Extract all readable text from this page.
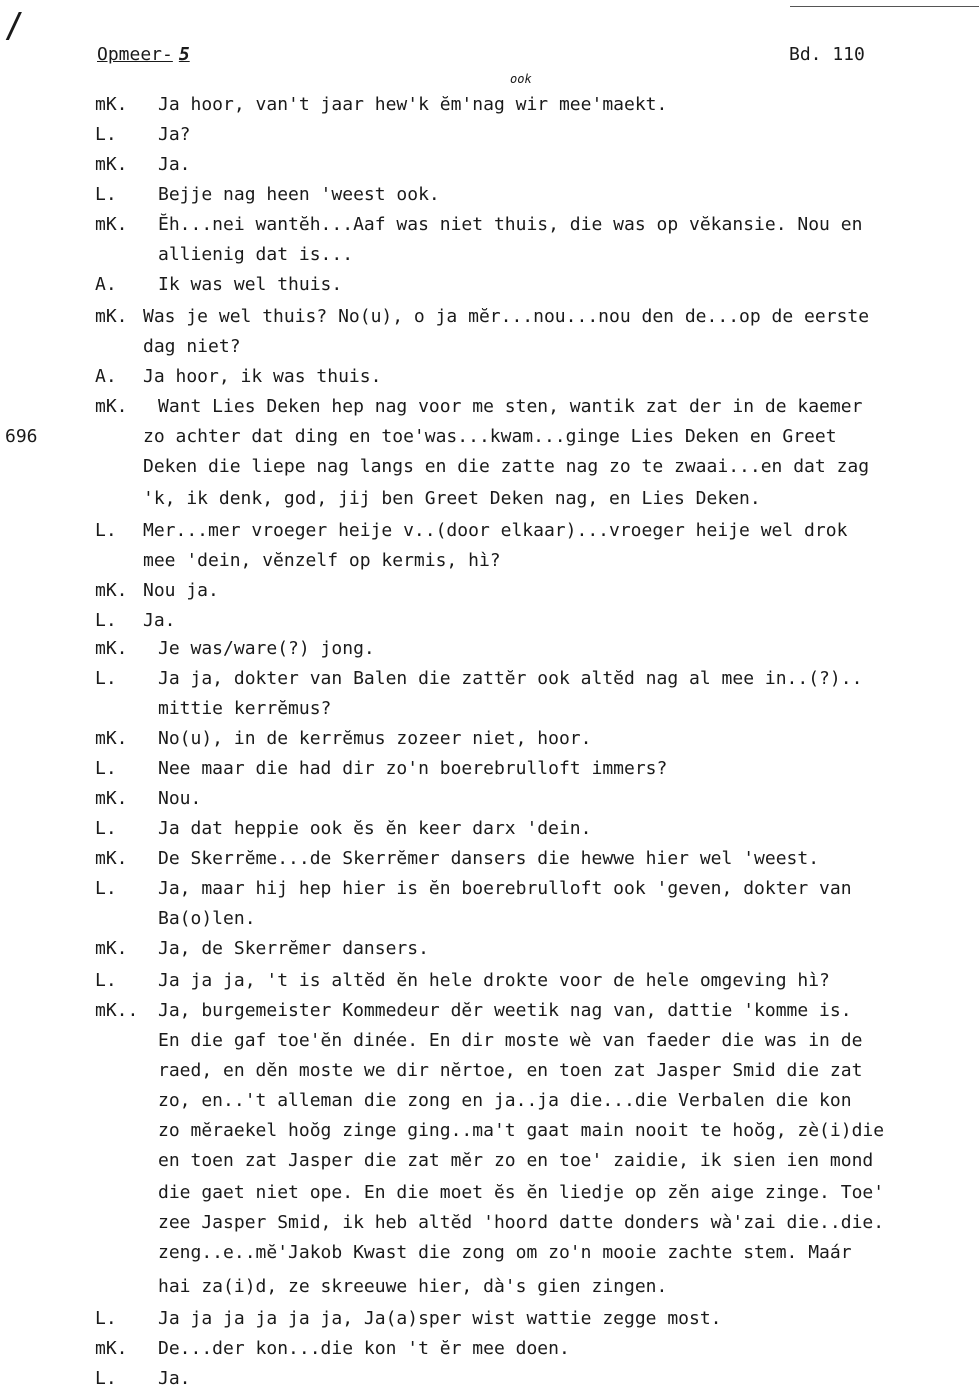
/
Opmeer- 5	Bd. 110
ook
696
mK. Ja hoor, van't jaar hew'k ĕm'nag wir mee'maekt.
L. Ja?
mK. Ja.
L. Bejje nag heen 'weest ook.
mK. Ĕh...nei wantĕh...Aaf was niet thuis, die was op vĕkansie. Nou en
allienig dat is...
A. Ik was wel thuis.
mK. Was je wel thuis? No(u), o ja mĕr...nou...nou den de...op de eerste
dag niet?
A. Ja hoor, ik was thuis.
mK. Want Lies Deken hep nag voor me sten, wantik zat der in de kaemer
zo achter dat ding en toe'was...kwam...ginge Lies Deken en Greet
Deken die liepe nag langs en die zatte nag zo te zwaai...en dat zag
'k, ik denk, god, jij ben Greet Deken nag, en Lies Deken.
L. Mer...mer vroeger heije v..(door elkaar)...vroeger heije wel drok
mee 'dein, vĕnzelf op kermis, hì?
mK. Nou ja.
L. Ja.
mK. Je was/ware(?) jong.
L. Ja ja, dokter van Balen die zattĕr ook altĕd nag al mee in..(?)..
mittie kerrĕmus?
mK. No(u), in de kerrĕmus zozeer niet, hoor.
L. Nee maar die had dir zo'n boerebrulloft immers?
mK. Nou.
L. Ja dat heppie ook ĕs ĕn keer darx 'dein.
mK. De Skerrĕme...de Skerrĕmer dansers die hewwe hier wel 'weest.
L. Ja, maar hij hep hier is ĕn boerebrulloft ook 'geven, dokter van
Ba(o)len.
mK. Ja, de Skerrĕmer dansers.
L. Ja ja ja, 't is altĕd ĕn hele drokte voor de hele omgeving hì?
mK.. Ja, burgemeister Kommedeur dĕr weetik nag van, dattie 'komme is.
En die gaf toe'ĕn dinée. En dir moste wè van faeder die was in de
raed, en dĕn moste we dir nĕrtoe, en toen zat Jasper Smid die zat
zo, en..'t alleman die zong en ja..ja die...die Verbalen die kon
zo mĕraekel hoŏg zinge ging..ma't gaat main nooit te hoŏg, zè(i)die
en toen zat Jasper die zat mĕr zo en toe' zaidie, ik sien ien mond
die gaet niet ope. En die moet ĕs ĕn liedje op zĕn aige zinge. Toe'
zee Jasper Smid, ik heb altĕd 'hoord datte donders wà'zai die..die.
zeng..e..mĕ'Jakob Kwast die zong om zo'n mooie zachte stem. Maár
hai za(i)d, ze skreeuwe hier, dà's gien zingen.
L. Ja ja ja ja ja ja, Ja(a)sper wist wattie zegge most.
mK. De...der kon...die kon 't ĕr mee doen.
L. Ja.
